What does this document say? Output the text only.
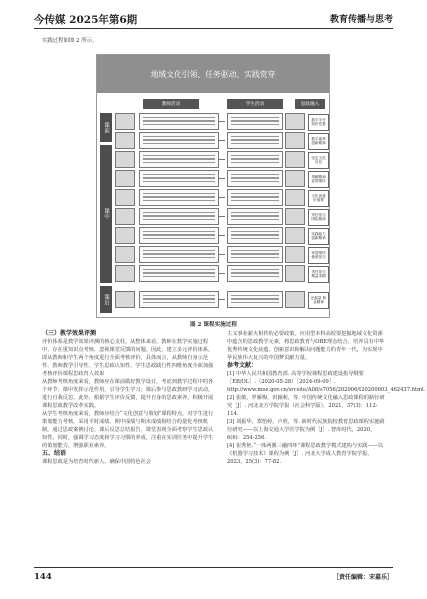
今传媒 2025年第6期	教育传播与思考
实践过程如图 2 所示。
地域文化引领、任务驱动、实践赏穿
教师活动	学生活动	思政融入
课前
课中
课后
数字平台 知识奠基
数字素养 创新精神
坚定文化 自信
奉献精神 爱国情怀
文化创意 价值观
责任担当 团队精神
实践能力 创新精神
家国情怀 使命担当
责任担当 精益求精
正能量 职业精神
图 2 课程实施过程

（三）教学效果评测

评价体系是教学效果评测的核心支柱。从整体来看，教师在教学实施过程中，存在重知识点考核、忽视课堂反馈的问题。因此，建立多元评价体系，即从教师和学生两个角度进行全面考核评价，具体而言，从教师自身示范性、教师教学引导性、学生思政认知性、学生思政践行性四维角度全面加强考核评价课程思政育人效果

从教师考核角度来看，教师应在课前做好教学设计，考虑到教学过程中的各个环节；课中发挥示范作用，引导学生学习；课后参与思政教研学习活动，进行自我反思。此外，根据学生评价反馈，提升自身的思政素养，积极开展课程思政教学改革实践。

从学生考核角度来看，教师应结合“文化创意与策划”课程特点，对学生进行策划能力考核，采用平时成绩、期中成绩与期末成绩相结合的量化考核机制。通过思政案例讨论、课后反思总结报告、课堂表现全面考察学生思政认知性。同时，强调学习态度和学习习惯的养成，注重在实训任务中提升学生的策划能力，增强职业素养。

五、结语

课程思政是为培育时代新人、确保中国特色社会

主义事业薪火相传的必要政策。应用型本科高校要挖掘地域文化资源中蕴含的思政教学元素，将思政教育与OBE理念结合，培养具有中华优秀传统文化底蕴、创新意识和解决问题能力的青年一代，为实现中华民族伟大复兴的中国梦贡献力量。

参考文献：

[1] 中华人民共和国教育部. 高等学校课程思政建设指导纲要［EB/OL］.（2020-05-28）［2024-09-09］. http://www.moe.gov.cn/srcsite/A08/s7056/202006/t20200603_462437.html.

[2] 张敏，罗雁梅，田颖莉，等. 中国传统文化融入思政课程的路径研究［J］. 河北北方学院学报（社会科学版），2021，37(3)：112-114.

[3] 刘振华，郑怡婷，卢欣，等. 新时代民族院校教育思政课程实施路径研究——以上海交通大学医学院为例［J］. 智库时代，2020，6(6)：254-256.

[4] 崔秀艳.“一体两翼三融四环”课程思政教学模式建构与实践——以《机器学习技术》课程为例［J］. 河北大学成人教育学院学报，2023，25(3)：77-82.

144	［责任编辑：宋嘉乐］
